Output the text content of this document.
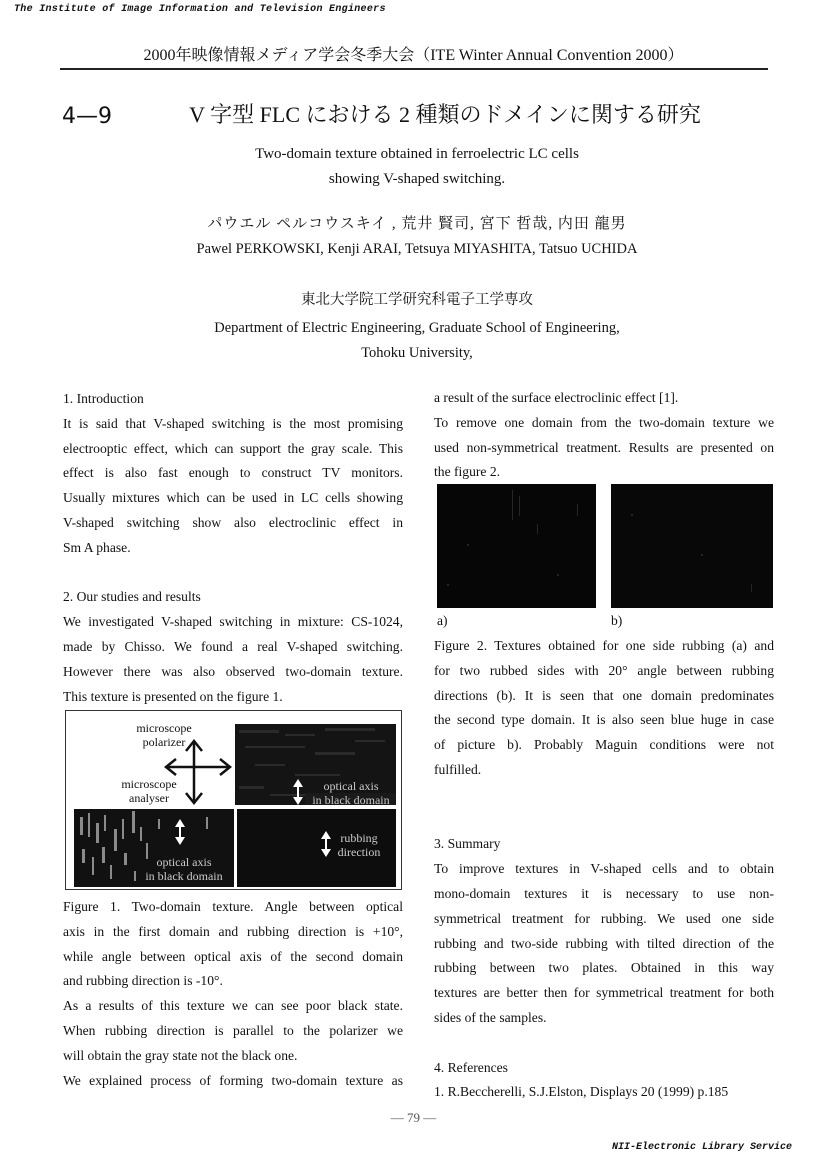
The Institute of Image Information and Television Engineers
2000年映像情報メディア学会冬季大会（ITE Winter Annual Convention 2000）
4—9	V 字型 FLC における 2 種類のドメインに関する研究
Two-domain texture obtained in ferroelectric LC cells
showing V-shaped switching.
パウエル ペルコウスキイ , 荒井 賢司, 宮下 哲哉, 内田 龍男
Pawel PERKOWSKI, Kenji ARAI, Tetsuya MIYASHITA, Tatsuo UCHIDA
東北大学院工学研究科電子工学専攻
Department of Electric Engineering, Graduate School of Engineering,
Tohoku University,

1. Introduction

It is said that V-shaped switching is the most promising

electrooptic effect, which can support the gray scale. This

effect is also fast enough to construct TV monitors.

Usually mixtures which can be used in LC cells showing

V-shaped switching show also electroclinic effect in

Sm A phase.

2. Our studies and results

We investigated V-shaped switching in mixture: CS-1024,

made by Chisso. We found a real V-shaped switching.

However there was also observed two-domain texture.

This texture is presented on the figure 1.

microscope
polarizer
microscope
analyser
optical axis
in black domain
optical axis
in black domain
rubbing
direction

Figure 1. Two-domain texture. Angle between optical

axis in the first domain and rubbing direction is +10°,

while angle between optical axis of the second domain

and rubbing direction is -10°.

As a results of this texture we can see poor black state.

When rubbing direction is parallel to the polarizer we

will obtain the gray state not the black one.

We explained process of forming two-domain texture as

a result of the surface electroclinic effect [1].

To remove one domain from the two-domain texture we

used non-symmetrical treatment. Results are presented on

the figure 2.

a)	b)

Figure 2. Textures obtained for one side rubbing (a) and

for two rubbed sides with 20° angle between rubbing

directions (b). It is seen that one domain predominates

the second type domain. It is also seen blue huge in case

of picture b). Probably Maguin conditions were not

fulfilled.

3. Summary

To improve textures in V-shaped cells and to obtain

mono-domain textures it is necessary to use non-

symmetrical treatment for rubbing. We used one side

rubbing and two-side rubbing with tilted direction of the

rubbing between two plates. Obtained in this way

textures are better then for symmetrical treatment for both

sides of the samples.

4. References

1. R.Beccherelli, S.J.Elston, Displays 20 (1999) p.185

— 79 —
NII-Electronic Library Service
